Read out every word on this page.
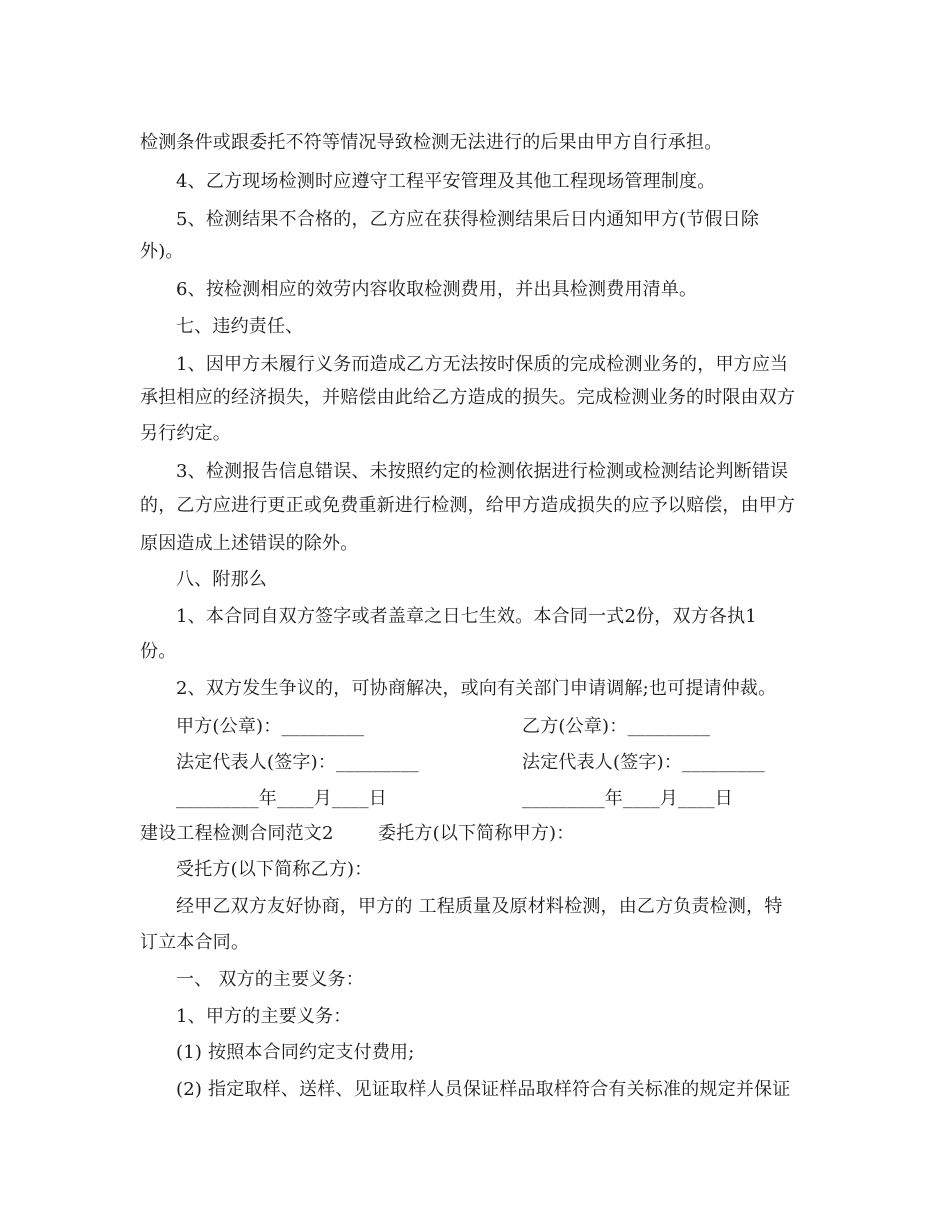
检测条件或跟委托不符等情况导致检测无法进行的后果由甲方自行承担。
4、乙方现场检测时应遵守工程平安管理及其他工程现场管理制度。
5、检测结果不合格的，乙方应在获得检测结果后日内通知甲方(节假日除
外)。
6、按检测相应的效劳内容收取检测费用，并出具检测费用清单。
七、违约责任、
1、因甲方未履行义务而造成乙方无法按时保质的完成检测业务的，甲方应当
承担相应的经济损失，并赔偿由此给乙方造成的损失。完成检测业务的时限由双方
另行约定。
3、检测报告信息错误、未按照约定的检测依据进行检测或检测结论判断错误
的，乙方应进行更正或免费重新进行检测，给甲方造成损失的应予以赔偿，由甲方
原因造成上述错误的除外。
八、附那么
1、本合同自双方签字或者盖章之日七生效。本合同一式2份，双方各执1
份。
2、双方发生争议的，可协商解决，或向有关部门申请调解;也可提请仲裁。
甲方(公章)：_________	乙方(公章)：_________
法定代表人(签字)：_________	法定代表人(签字)：_________
_________年____月____日	_________年____月____日
建设工程检测合同范文2 委托方(以下简称甲方)：
受托方(以下简称乙方)：
经甲乙双方友好协商，甲方的 工程质量及原材料检测，由乙方负责检测，特
订立本合同。
一、 双方的主要义务：
1、甲方的主要义务：
(1) 按照本合同约定支付费用;
(2) 指定取样、送样、见证取样人员保证样品取样符合有关标准的规定并保证
